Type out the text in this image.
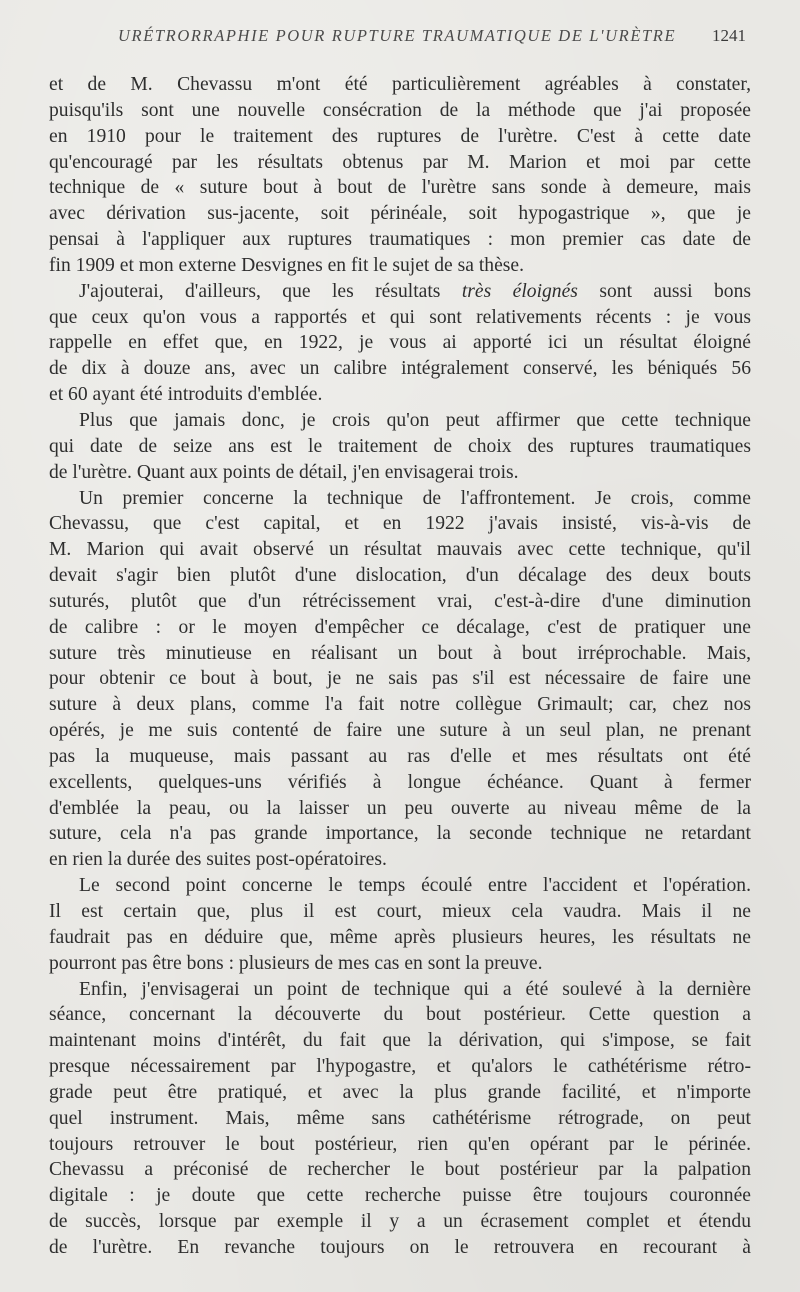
URÉTRORRAPHIE POUR RUPTURE TRAUMATIQUE DE L'URÈTRE 1241
et de M. Chevassu m'ont été particulièrement agréables à constater,
puisqu'ils sont une nouvelle consécration de la méthode que j'ai proposée
en 1910 pour le traitement des ruptures de l'urètre. C'est à cette date
qu'encouragé par les résultats obtenus par M. Marion et moi par cette
technique de « suture bout à bout de l'urètre sans sonde à demeure, mais
avec dérivation sus-jacente, soit périnéale, soit hypogastrique », que je
pensai à l'appliquer aux ruptures traumatiques : mon premier cas date de
fin 1909 et mon externe Desvignes en fit le sujet de sa thèse.
J'ajouterai, d'ailleurs, que les résultats très éloignés sont aussi bons
que ceux qu'on vous a rapportés et qui sont relativements récents : je vous
rappelle en effet que, en 1922, je vous ai apporté ici un résultat éloigné
de dix à douze ans, avec un calibre intégralement conservé, les béniqués 56
et 60 ayant été introduits d'emblée.
Plus que jamais donc, je crois qu'on peut affirmer que cette technique
qui date de seize ans est le traitement de choix des ruptures traumatiques
de l'urètre. Quant aux points de détail, j'en envisagerai trois.
Un premier concerne la technique de l'affrontement. Je crois, comme
Chevassu, que c'est capital, et en 1922 j'avais insisté, vis-à-vis de
M. Marion qui avait observé un résultat mauvais avec cette technique, qu'il
devait s'agir bien plutôt d'une dislocation, d'un décalage des deux bouts
suturés, plutôt que d'un rétrécissement vrai, c'est-à-dire d'une diminution
de calibre : or le moyen d'empêcher ce décalage, c'est de pratiquer une
suture très minutieuse en réalisant un bout à bout irréprochable. Mais,
pour obtenir ce bout à bout, je ne sais pas s'il est nécessaire de faire une
suture à deux plans, comme l'a fait notre collègue Grimault; car, chez nos
opérés, je me suis contenté de faire une suture à un seul plan, ne prenant
pas la muqueuse, mais passant au ras d'elle et mes résultats ont été
excellents, quelques-uns vérifiés à longue échéance. Quant à fermer
d'emblée la peau, ou la laisser un peu ouverte au niveau même de la
suture, cela n'a pas grande importance, la seconde technique ne retardant
en rien la durée des suites post-opératoires.
Le second point concerne le temps écoulé entre l'accident et l'opération.
Il est certain que, plus il est court, mieux cela vaudra. Mais il ne
faudrait pas en déduire que, même après plusieurs heures, les résultats ne
pourront pas être bons : plusieurs de mes cas en sont la preuve.
Enfin, j'envisagerai un point de technique qui a été soulevé à la dernière
séance, concernant la découverte du bout postérieur. Cette question a
maintenant moins d'intérêt, du fait que la dérivation, qui s'impose, se fait
presque nécessairement par l'hypogastre, et qu'alors le cathétérisme rétro-
grade peut être pratiqué, et avec la plus grande facilité, et n'importe
quel instrument. Mais, même sans cathétérisme rétrograde, on peut
toujours retrouver le bout postérieur, rien qu'en opérant par le périnée.
Chevassu a préconisé de rechercher le bout postérieur par la palpation
digitale : je doute que cette recherche puisse être toujours couronnée
de succès, lorsque par exemple il y a un écrasement complet et étendu
de l'urètre. En revanche toujours on le retrouvera en recourant à
